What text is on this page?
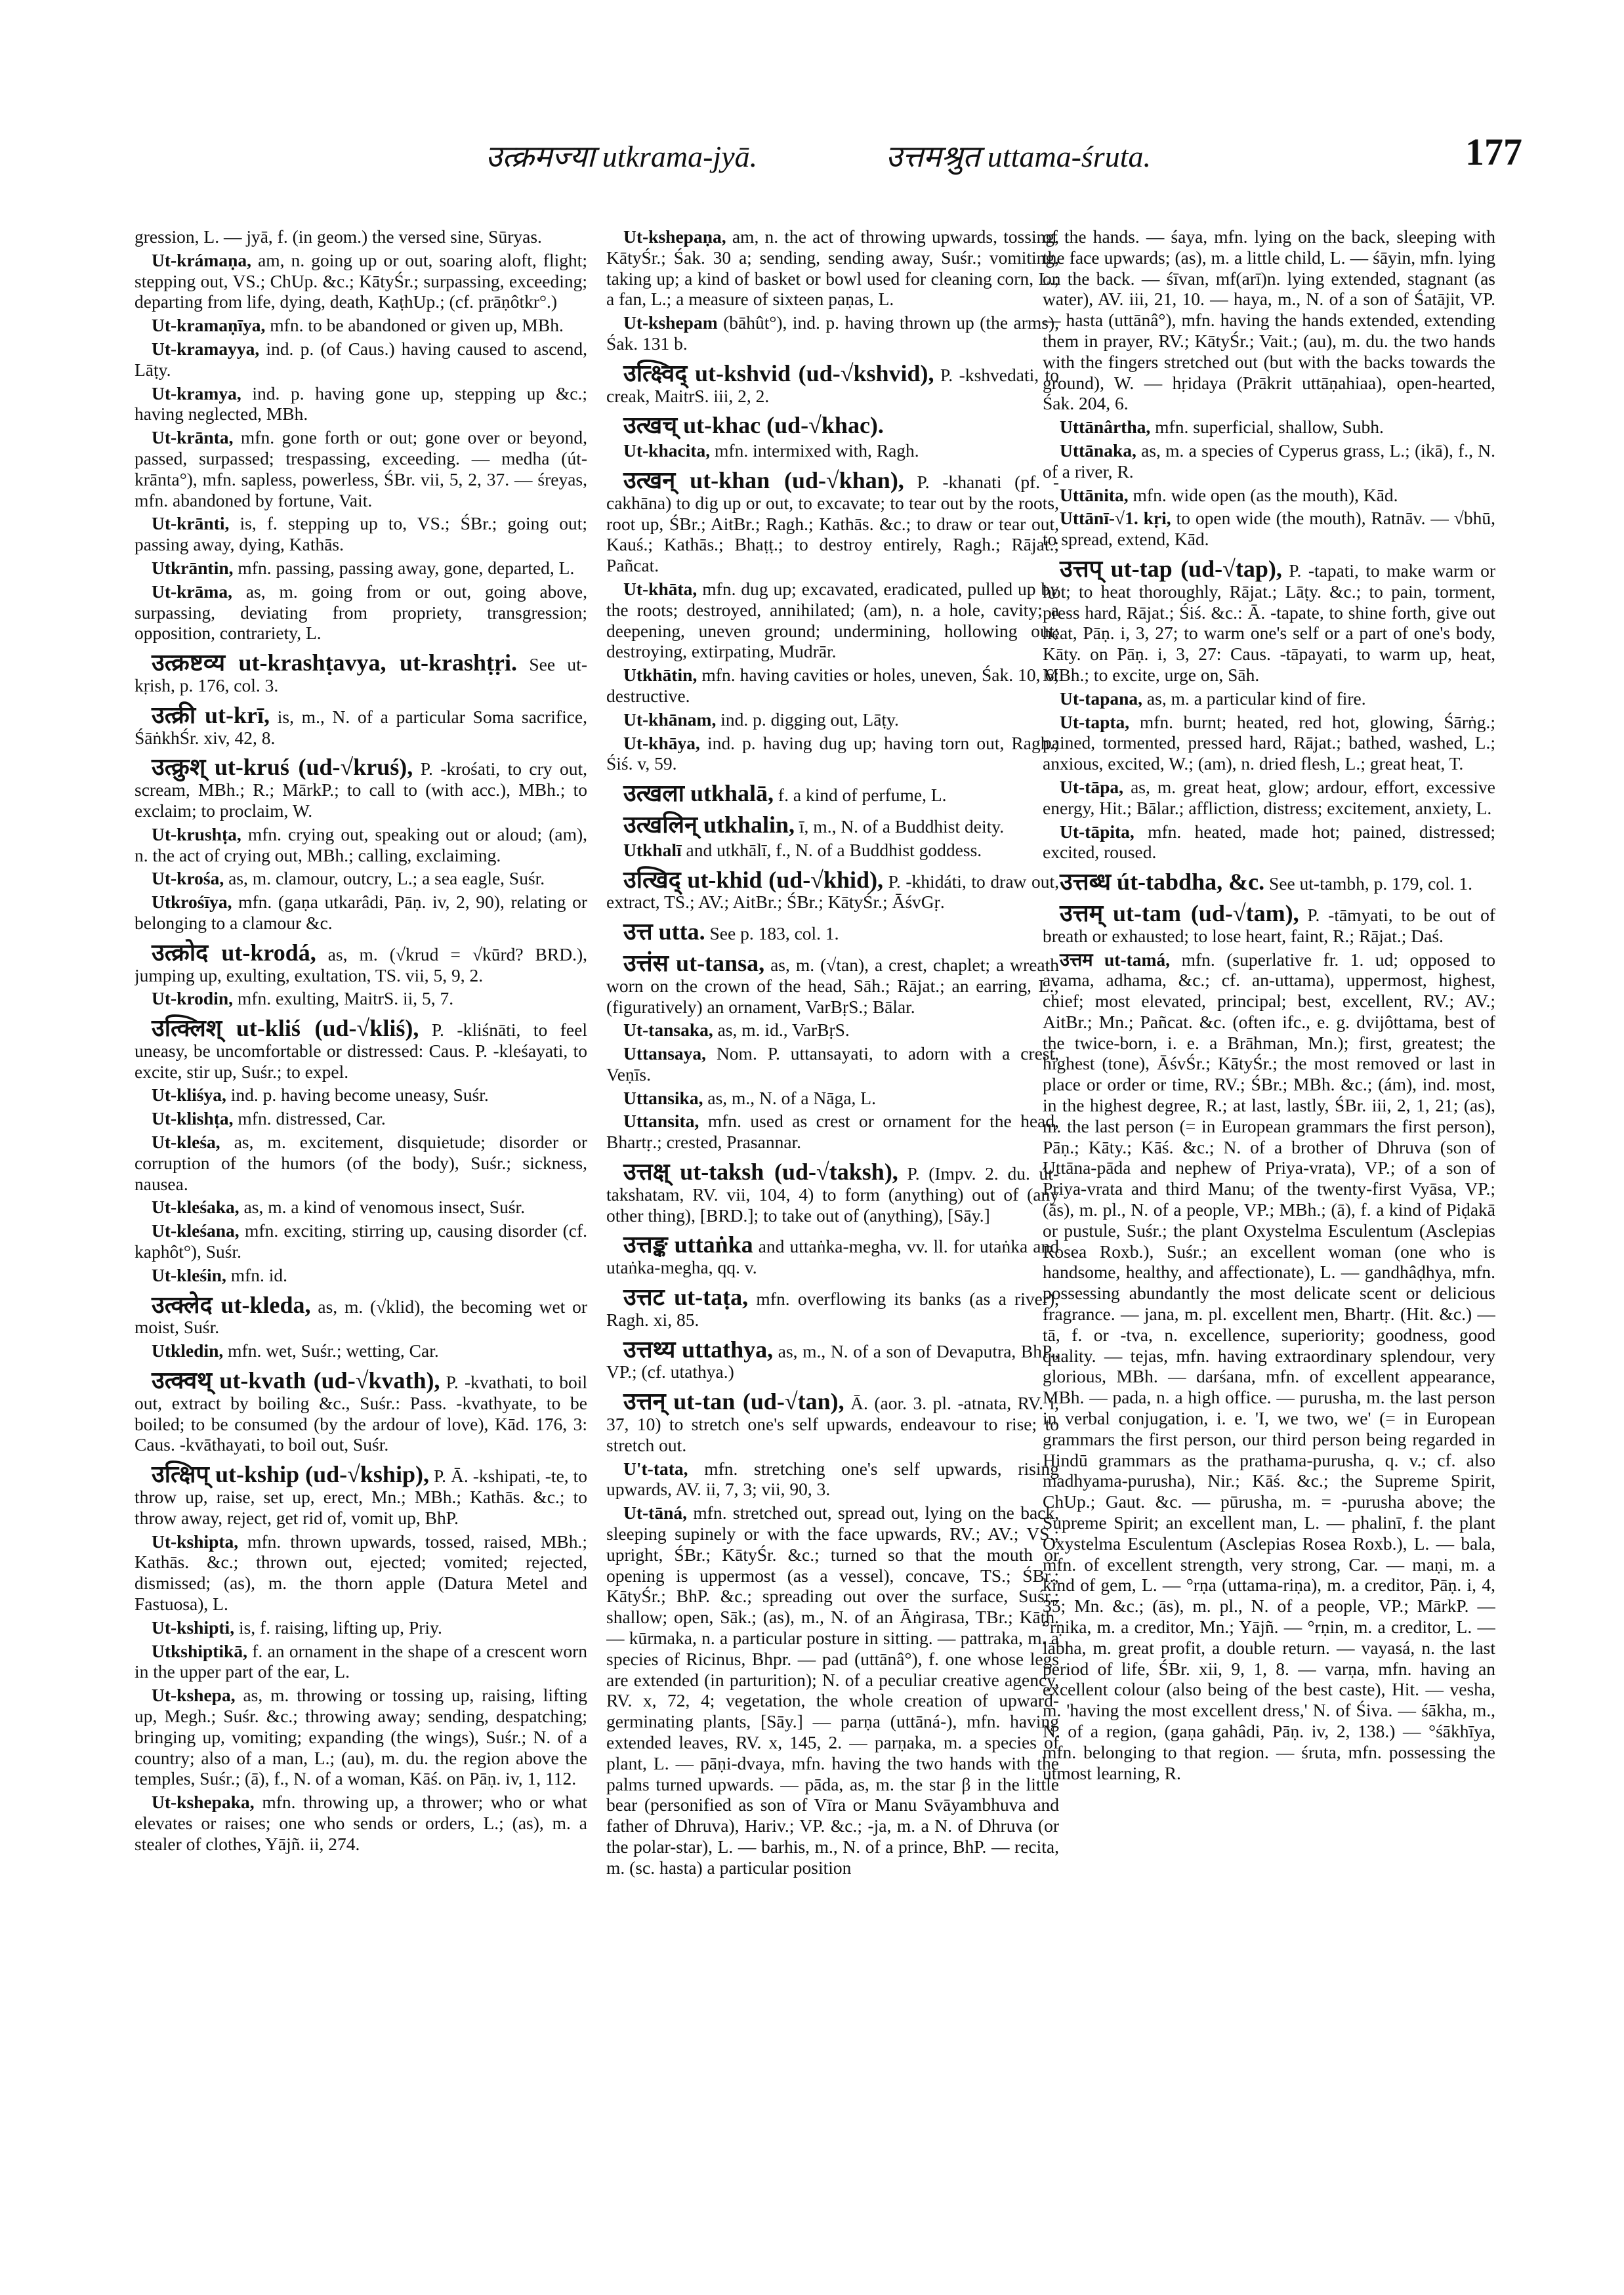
उत्क्रमज्या utkrama-jyā.	उत्तमश्रुत uttama-śruta.	177

gression, L. — jyā, f. (in geom.) the versed sine, Sūryas.

Ut-krámaṇa, am, n. going up or out, soaring aloft, flight; stepping out, VS.; ChUp. &c.; KātyŚr.; surpassing, exceeding; departing from life, dying, death, KaṭhUp.; (cf. prāṇôtkr°.)

Ut-kramaṇīya, mfn. to be abandoned or given up, MBh.

Ut-kramayya, ind. p. (of Caus.) having caused to ascend, Lāṭy.

Ut-kramya, ind. p. having gone up, stepping up &c.; having neglected, MBh.

Ut-krānta, mfn. gone forth or out; gone over or beyond, passed, surpassed; trespassing, exceeding. — medha (út-krānta°), mfn. sapless, powerless, ŚBr. vii, 5, 2, 37. — śreyas, mfn. abandoned by fortune, Vait.

Ut-krānti, is, f. stepping up to, VS.; ŚBr.; going out; passing away, dying, Kathās.

Utkrāntin, mfn. passing, passing away, gone, departed, L.

Ut-krāma, as, m. going from or out, going above, surpassing, deviating from propriety, transgression; opposition, contrariety, L.

उत्क्रष्टव्य ut-krashṭavya, ut-krashṭṛi. See ut-kṛish, p. 176, col. 3.

उत्क्री ut-krī, is, m., N. of a particular Soma sacrifice, ŚāṅkhŚr. xiv, 42, 8.

उत्क्रुश् ut-kruś (ud-√kruś), P. -krośati, to cry out, scream, MBh.; R.; MārkP.; to call to (with acc.), MBh.; to exclaim; to proclaim, W.

Ut-krushṭa, mfn. crying out, speaking out or aloud; (am), n. the act of crying out, MBh.; calling, exclaiming.

Ut-krośa, as, m. clamour, outcry, L.; a sea eagle, Suśr.

Utkrośīya, mfn. (gaṇa utkarâdi, Pāṇ. iv, 2, 90), relating or belonging to a clamour &c.

उत्क्रोद ut-krodá, as, m. (√krud = √kūrd? BRD.), jumping up, exulting, exultation, TS. vii, 5, 9, 2.

Ut-krodin, mfn. exulting, MaitrS. ii, 5, 7.

उत्क्लिश् ut-kliś (ud-√kliś), P. -kliśnāti, to feel uneasy, be uncomfortable or distressed: Caus. P. -kleśayati, to excite, stir up, Suśr.; to expel.

Ut-kliśya, ind. p. having become uneasy, Suśr.

Ut-klishṭa, mfn. distressed, Car.

Ut-kleśa, as, m. excitement, disquietude; disorder or corruption of the humors (of the body), Suśr.; sickness, nausea.

Ut-kleśaka, as, m. a kind of venomous insect, Suśr.

Ut-kleśana, mfn. exciting, stirring up, causing disorder (cf. kaphôt°), Suśr.

Ut-kleśin, mfn. id.

उत्क्लेद ut-kleda, as, m. (√klid), the becoming wet or moist, Suśr.

Utkledin, mfn. wet, Suśr.; wetting, Car.

उत्क्वथ् ut-kvath (ud-√kvath), P. -kvathati, to boil out, extract by boiling &c., Suśr.: Pass. -kvathyate, to be boiled; to be consumed (by the ardour of love), Kād. 176, 3: Caus. -kvāthayati, to boil out, Suśr.

उत्क्षिप् ut-kship (ud-√kship), P. Ā. -kshipati, -te, to throw up, raise, set up, erect, Mn.; MBh.; Kathās. &c.; to throw away, reject, get rid of, vomit up, BhP.

Ut-kshipta, mfn. thrown upwards, tossed, raised, MBh.; Kathās. &c.; thrown out, ejected; vomited; rejected, dismissed; (as), m. the thorn apple (Datura Metel and Fastuosa), L.

Ut-kshipti, is, f. raising, lifting up, Priy.

Utkshiptikā, f. an ornament in the shape of a crescent worn in the upper part of the ear, L.

Ut-kshepa, as, m. throwing or tossing up, raising, lifting up, Megh.; Suśr. &c.; throwing away; sending, despatching; bringing up, vomiting; expanding (the wings), Suśr.; N. of a country; also of a man, L.; (au), m. du. the region above the temples, Suśr.; (ā), f., N. of a woman, Kāś. on Pāṇ. iv, 1, 112.

Ut-kshepaka, mfn. throwing up, a thrower; who or what elevates or raises; one who sends or orders, L.; (as), m. a stealer of clothes, Yājñ. ii, 274.

Ut-kshepaṇa, am, n. the act of throwing upwards, tossing, KātyŚr.; Śak. 30 a; sending, sending away, Suśr.; vomiting, taking up; a kind of basket or bowl used for cleaning corn, L.; a fan, L.; a measure of sixteen paṇas, L.

Ut-kshepam (bāhût°), ind. p. having thrown up (the arms), Śak. 131 b.

उत्क्ष्विद् ut-kshvid (ud-√kshvid), P. -kshvedati, to creak, MaitrS. iii, 2, 2.

उत्खच् ut-khac (ud-√khac).

Ut-khacita, mfn. intermixed with, Ragh.

उत्खन् ut-khan (ud-√khan), P. -khanati (pf. -cakhāna) to dig up or out, to excavate; to tear out by the roots, root up, ŚBr.; AitBr.; Ragh.; Kathās. &c.; to draw or tear out, Kauś.; Kathās.; Bhaṭṭ.; to destroy entirely, Ragh.; Rājat.; Pañcat.

Ut-khāta, mfn. dug up; excavated, eradicated, pulled up by the roots; destroyed, annihilated; (am), n. a hole, cavity; a deepening, uneven ground; undermining, hollowing out; destroying, extirpating, Mudrār.

Utkhātin, mfn. having cavities or holes, uneven, Śak. 10, 6; destructive.

Ut-khānam, ind. p. digging out, Lāṭy.

Ut-khāya, ind. p. having dug up; having torn out, Ragh.; Śiś. v, 59.

उत्खला utkhalā, f. a kind of perfume, L.

उत्खलिन् utkhalin, ī, m., N. of a Buddhist deity.

Utkhalī and utkhālī, f., N. of a Buddhist goddess.

उत्खिद् ut-khid (ud-√khid), P. -khidáti, to draw out, extract, TS.; AV.; AitBr.; ŚBr.; KātyŚr.; ĀśvGṛ.

उत्त utta. See p. 183, col. 1.

उत्तंस ut-tansa, as, m. (√tan), a crest, chaplet; a wreath worn on the crown of the head, Sāh.; Rājat.; an earring, L.; (figuratively) an ornament, VarBṛS.; Bālar.

Ut-tansaka, as, m. id., VarBṛS.

Uttansaya, Nom. P. uttansayati, to adorn with a crest, Veṇīs.

Uttansika, as, m., N. of a Nāga, L.

Uttansita, mfn. used as crest or ornament for the head, Bhartṛ.; crested, Prasannar.

उत्तक्ष् ut-taksh (ud-√taksh), P. (Impv. 2. du. út-takshatam, RV. vii, 104, 4) to form (anything) out of (any other thing), [BRD.]; to take out of (anything), [Sāy.]

उत्तङ्क uttaṅka and uttaṅka-megha, vv. ll. for utaṅka and utaṅka-megha, qq. v.

उत्तट ut-taṭa, mfn. overflowing its banks (as a river), Ragh. xi, 85.

उत्तथ्य uttathya, as, m., N. of a son of Devaputra, BhP., VP.; (cf. utathya.)

उत्तन् ut-tan (ud-√tan), Ā. (aor. 3. pl. -atnata, RV. i, 37, 10) to stretch one's self upwards, endeavour to rise; to stretch out.

U't-tata, mfn. stretching one's self upwards, rising upwards, AV. ii, 7, 3; vii, 90, 3.

Ut-tāná, mfn. stretched out, spread out, lying on the back, sleeping supinely or with the face upwards, RV.; AV.; VS.; upright, ŚBr.; KātyŚr. &c.; turned so that the mouth or opening is uppermost (as a vessel), concave, TS.; ŚBr.; KātyŚr.; BhP. &c.; spreading out over the surface, Suśr.; shallow; open, Sāk.; (as), m., N. of an Āṅgirasa, TBr.; Kāṭh. — kūrmaka, n. a particular posture in sitting. — pattraka, m. a species of Ricinus, Bhpr. — pad (uttānâ°), f. one whose legs are extended (in parturition); N. of a peculiar creative agency, RV. x, 72, 4; vegetation, the whole creation of upward-germinating plants, [Sāy.] — parṇa (uttāná-), mfn. having extended leaves, RV. x, 145, 2. — parṇaka, m. a species of plant, L. — pāṇi-dvaya, mfn. having the two hands with the palms turned upwards. — pāda, as, m. the star β in the little bear (personified as son of Vīra or Manu Svāyambhuva and father of Dhruva), Hariv.; VP. &c.; -ja, m. a N. of Dhruva (or the polar-star), L. — barhis, m., N. of a prince, BhP. — recita, m. (sc. hasta) a particular position

of the hands. — śaya, mfn. lying on the back, sleeping with the face upwards; (as), m. a little child, L. — śāyin, mfn. lying on the back. — śīvan, mf(arī)n. lying extended, stagnant (as water), AV. iii, 21, 10. — haya, m., N. of a son of Śatājit, VP. — hasta (uttānâ°), mfn. having the hands extended, extending them in prayer, RV.; KātyŚr.; Vait.; (au), m. du. the two hands with the fingers stretched out (but with the backs towards the ground), W. — hṛidaya (Prākrit uttāṇahiaa), open-hearted, Śak. 204, 6.

Uttānârtha, mfn. superficial, shallow, Subh.

Uttānaka, as, m. a species of Cyperus grass, L.; (ikā), f., N. of a river, R.

Uttānita, mfn. wide open (as the mouth), Kād.

Uttānī-√1. kṛi, to open wide (the mouth), Ratnāv. — √bhū, to spread, extend, Kād.

उत्तप् ut-tap (ud-√tap), P. -tapati, to make warm or hot; to heat thoroughly, Rājat.; Lāṭy. &c.; to pain, torment, press hard, Rājat.; Śiś. &c.: Ā. -tapate, to shine forth, give out heat, Pāṇ. i, 3, 27; to warm one's self or a part of one's body, Kāty. on Pāṇ. i, 3, 27: Caus. -tāpayati, to warm up, heat, MBh.; to excite, urge on, Sāh.

Ut-tapana, as, m. a particular kind of fire.

Ut-tapta, mfn. burnt; heated, red hot, glowing, Śārṅg.; pained, tormented, pressed hard, Rājat.; bathed, washed, L.; anxious, excited, W.; (am), n. dried flesh, L.; great heat, T.

Ut-tāpa, as, m. great heat, glow; ardour, effort, excessive energy, Hit.; Bālar.; affliction, distress; excitement, anxiety, L.

Ut-tāpita, mfn. heated, made hot; pained, distressed; excited, roused.

उत्तब्ध út-tabdha, &c. See ut-tambh, p. 179, col. 1.

उत्तम् ut-tam (ud-√tam), P. -tāmyati, to be out of breath or exhausted; to lose heart, faint, R.; Rājat.; Daś.

उत्तम ut-tamá, mfn. (superlative fr. 1. ud; opposed to avama, adhama, &c.; cf. an-uttama), uppermost, highest, chief; most elevated, principal; best, excellent, RV.; AV.; AitBr.; Mn.; Pañcat. &c. (often ifc., e. g. dvijôttama, best of the twice-born, i. e. a Brāhman, Mn.); first, greatest; the highest (tone), ĀśvŚr.; KātyŚr.; the most removed or last in place or order or time, RV.; ŚBr.; MBh. &c.; (ám), ind. most, in the highest degree, R.; at last, lastly, ŚBr. iii, 2, 1, 21; (as), m. the last person (= in European grammars the first person), Pāṇ.; Kāty.; Kāś. &c.; N. of a brother of Dhruva (son of Uttāna-pāda and nephew of Priya-vrata), VP.; of a son of Priya-vrata and third Manu; of the twenty-first Vyāsa, VP.; (ās), m. pl., N. of a people, VP.; MBh.; (ā), f. a kind of Piḍakā or pustule, Suśr.; the plant Oxystelma Esculentum (Asclepias Rosea Roxb.), Suśr.; an excellent woman (one who is handsome, healthy, and affectionate), L. — gandhâḍhya, mfn. possessing abundantly the most delicate scent or delicious fragrance. — jana, m. pl. excellent men, Bhartṛ. (Hit. &c.) — tā, f. or -tva, n. excellence, superiority; goodness, good quality. — tejas, mfn. having extraordinary splendour, very glorious, MBh. — darśana, mfn. of excellent appearance, MBh. — pada, n. a high office. — purusha, m. the last person in verbal conjugation, i. e. 'I, we two, we' (= in European grammars the first person, our third person being regarded in Hindū grammars as the prathama-purusha, q. v.; cf. also madhyama-purusha), Nir.; Kāś. &c.; the Supreme Spirit, ChUp.; Gaut. &c. — pūrusha, m. = -purusha above; the Supreme Spirit; an excellent man, L. — phalinī, f. the plant Oxystelma Esculentum (Asclepias Rosea Roxb.), L. — bala, mfn. of excellent strength, very strong, Car. — maṇi, m. a kind of gem, L. — °rṇa (uttama-riṇa), m. a creditor, Pāṇ. i, 4, 35; Mn. &c.; (ās), m. pl., N. of a people, VP.; MārkP. — °rṇika, m. a creditor, Mn.; Yājñ. — °rṇin, m. a creditor, L. — lābha, m. great profit, a double return. — vayasá, n. the last period of life, ŚBr. xii, 9, 1, 8. — varṇa, mfn. having an excellent colour (also being of the best caste), Hit. — vesha, m. 'having the most excellent dress,' N. of Śiva. — śākha, m., N. of a region, (gaṇa gahâdi, Pāṇ. iv, 2, 138.) — °śākhīya, mfn. belonging to that region. — śruta, mfn. possessing the utmost learning, R.
